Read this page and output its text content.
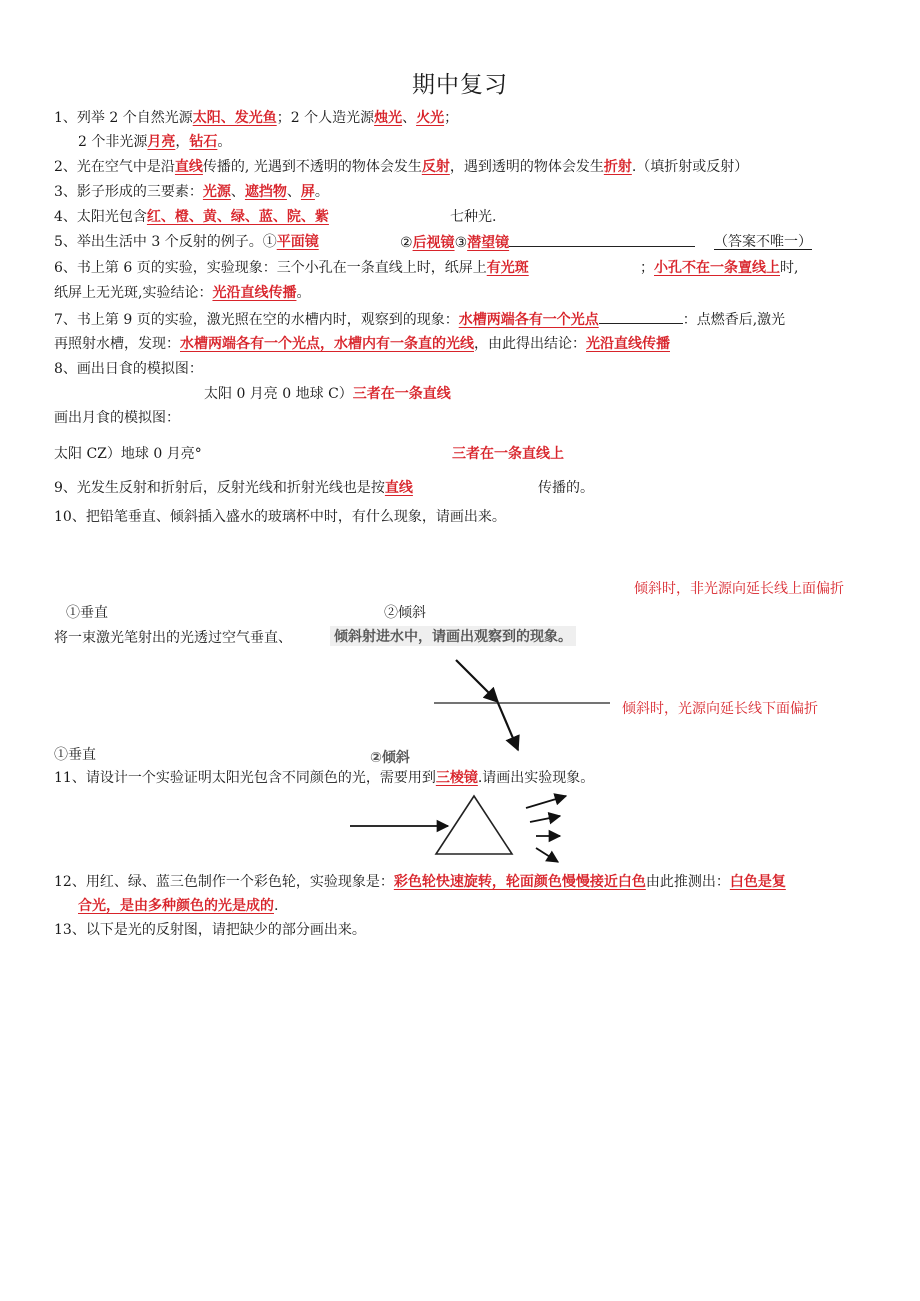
期中复习
1、列举 2 个自然光源太阳、发光鱼；2 个人造光源烛光、火光；
2 个非光源月亮，钻石。
2、光在空气中是沿直线传播的, 光遇到不透明的物体会发生反射，遇到透明的物体会发生折射.（填折射或反射）
3、影子形成的三要素：光源、遮挡物、屏。
4、太阳光包含红、橙、黄、绿、蓝、院、紫	七种光.
5、举出生活中 3 个反射的例子。①平面镜	②后视镜③潜望镜	（答案不唯一）
6、书上第 6 页的实验，实验现象：三个小孔在一条直线上时，纸屏上有光斑	；小孔不在一条亶线上时,
纸屏上无光斑,实验结论：光沿直线传播。
7、书上第 9 页的实验，激光照在空的水槽内时，观察到的现象：水槽两端各有一个光点	：点燃香后,激光
再照射水槽，发现：水槽两端各有一个光点，水槽内有一条直的光线，由此得出结论：光沿直线传播
8、画出日食的模拟图：
太阳 0 月亮 0 地球 C）三者在一条直线
画出月食的模拟图：
太阳 CZ）地球 0 月亮°	三者在一条直线上
9、光发生反射和折射后，反射光线和折射光线也是按直线	传播的。
10、把铅笔垂直、倾斜插入盛水的玻璃杯中时，有什么现象，请画出来。
倾斜时，非光源向延长线上面偏折
①垂直	②倾斜
将一束激光笔射出的光透过空气垂直、	倾斜射进水中，请画出观察到的现象。
倾斜时，光源向延长线下面偏折
①垂直	②倾斜
11、请设计一个实验证明太阳光包含不同颜色的光，需要用到三棱镜.请画出实验现象。
12、用红、绿、蓝三色制作一个彩色轮，实验现象是：彩色轮快速旋转，轮面颜色慢慢接近白色由此推测出：白色是复
合光，是由多种颜色的光是成的.
13、以下是光的反射图，请把缺少的部分画出来。
